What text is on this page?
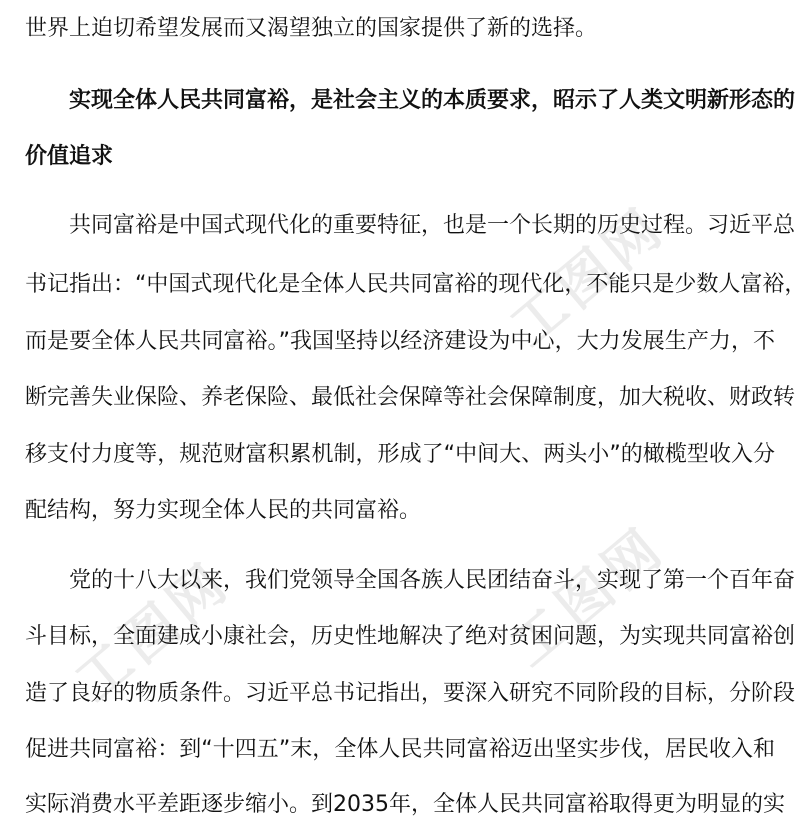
工图网
工图网	工图网
世界上迫切希望发展而又渴望独立的国家提供了新的选择。
实现全体人民共同富裕，是社会主义的本质要求，昭示了人类文明新形态的
价值追求
共同富裕是中国式现代化的重要特征，也是一个长期的历史过程。习近平总
书记指出：“中国式现代化是全体人民共同富裕的现代化，不能只是少数人富裕，
而是要全体人民共同富裕。”我国坚持以经济建设为中心，大力发展生产力，不
断完善失业保险、养老保险、最低社会保障等社会保障制度，加大税收、财政转
移支付力度等，规范财富积累机制，形成了“中间大、两头小”的橄榄型收入分
配结构，努力实现全体人民的共同富裕。
党的十八大以来，我们党领导全国各族人民团结奋斗，实现了第一个百年奋
斗目标，全面建成小康社会，历史性地解决了绝对贫困问题，为实现共同富裕创
造了良好的物质条件。习近平总书记指出，要深入研究不同阶段的目标，分阶段
促进共同富裕：到“十四五”末，全体人民共同富裕迈出坚实步伐，居民收入和
实际消费水平差距逐步缩小。到2035年，全体人民共同富裕取得更为明显的实
